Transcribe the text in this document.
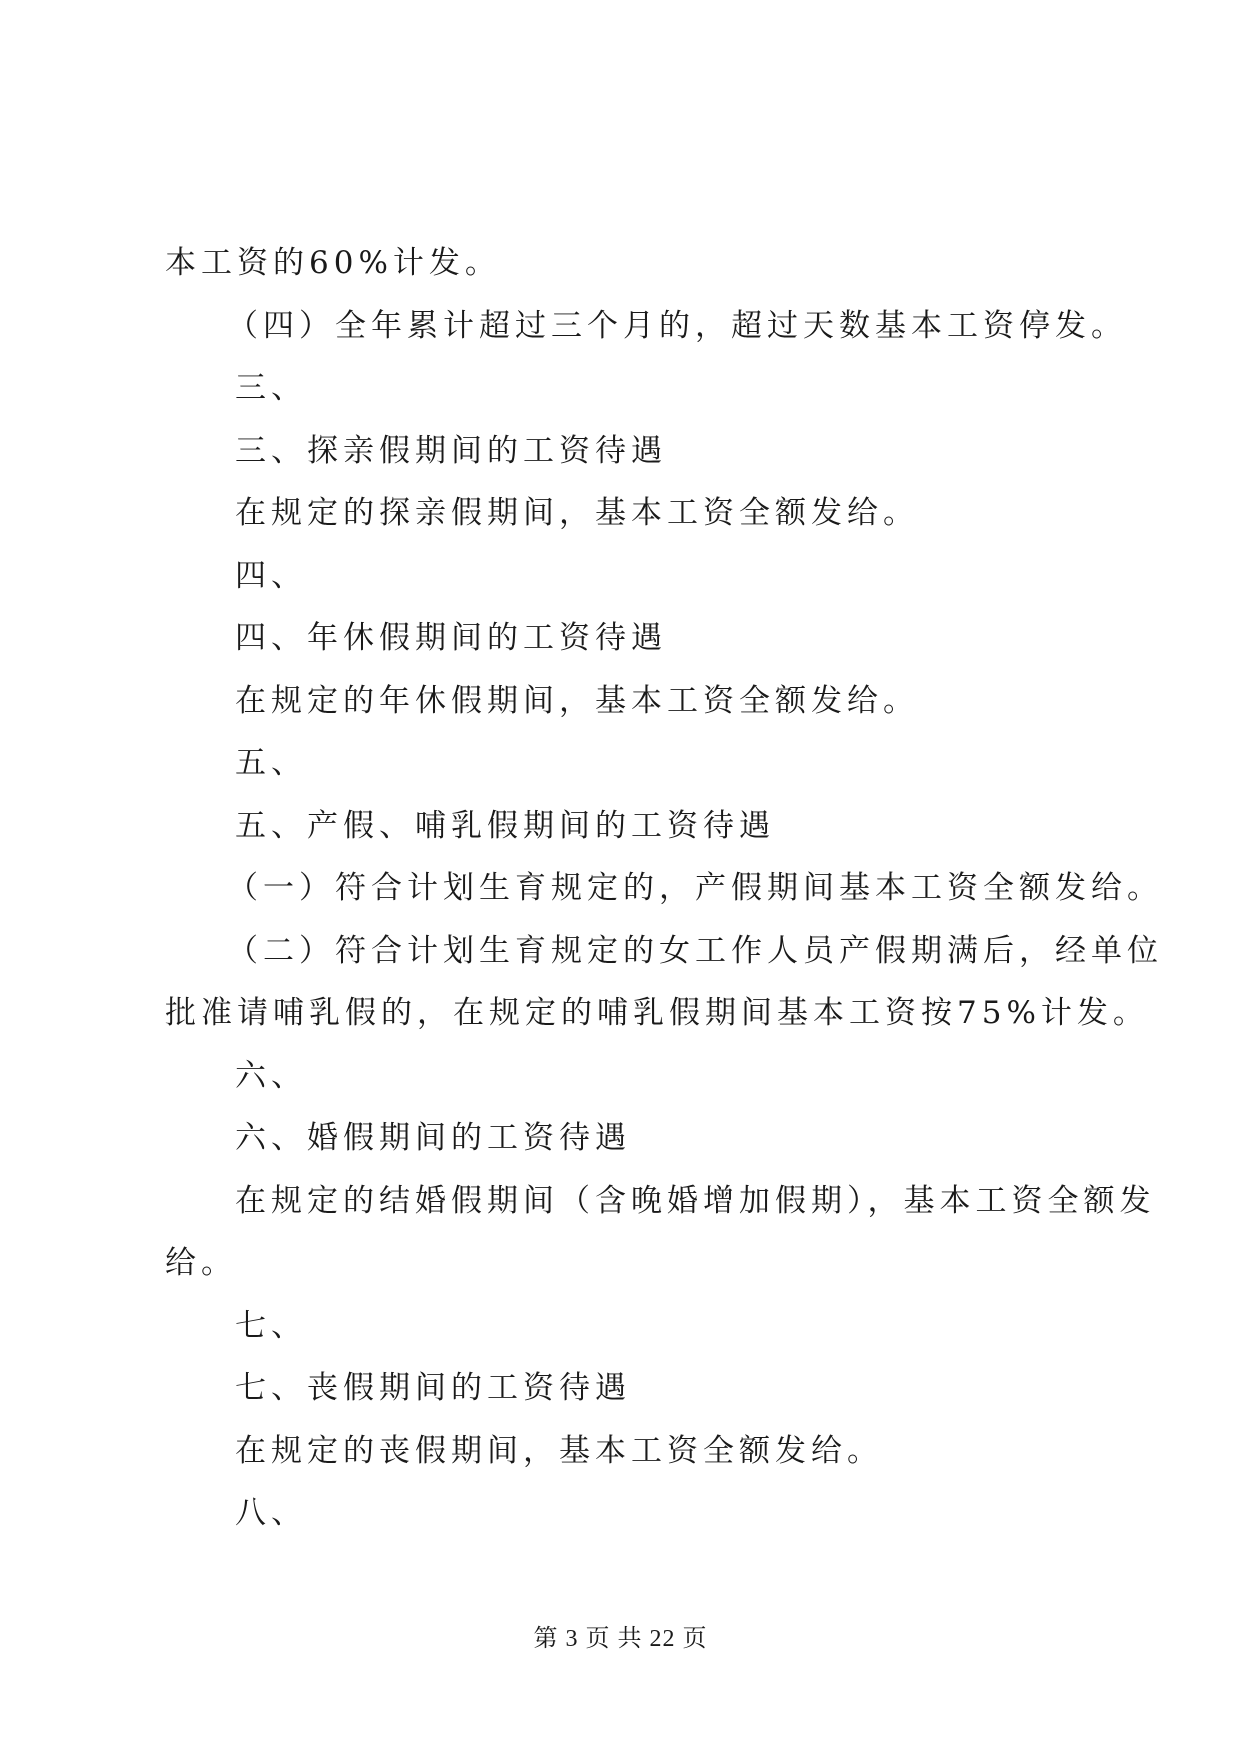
本工资的60%计发。
（四）全年累计超过三个月的，超过天数基本工资停发。
三、
三、探亲假期间的工资待遇
在规定的探亲假期间，基本工资全额发给。
四、
四、年休假期间的工资待遇
在规定的年休假期间，基本工资全额发给。
五、
五、产假、哺乳假期间的工资待遇
（一）符合计划生育规定的，产假期间基本工资全额发给。
（二）符合计划生育规定的女工作人员产假期满后，经单位
批准请哺乳假的，在规定的哺乳假期间基本工资按75%计发。
六、
六、婚假期间的工资待遇
在规定的结婚假期间（含晚婚增加假期），基本工资全额发
给。
七、
七、丧假期间的工资待遇
在规定的丧假期间，基本工资全额发给。
八、
第 3 页 共 22 页
